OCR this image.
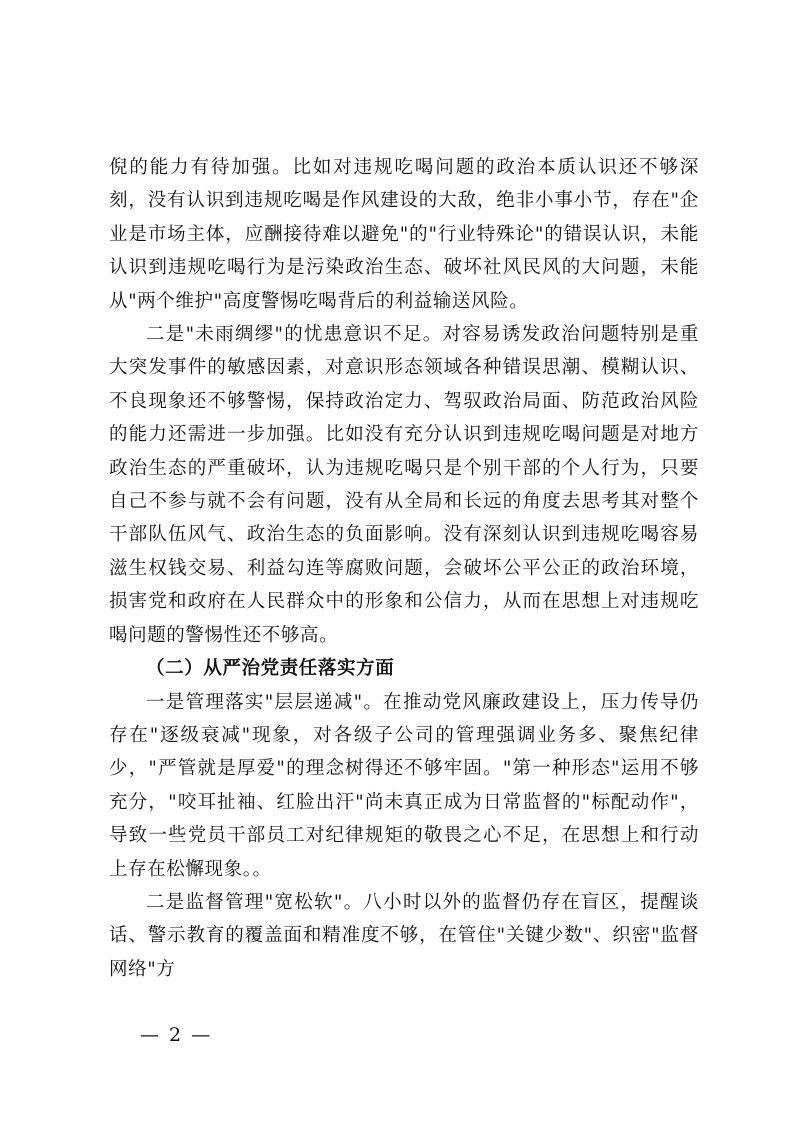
倪的能力有待加强。比如对违规吃喝问题的政治本质认识还不够深刻，没有认识到违规吃喝是作风建设的大敌，绝非小事小节，存在"企业是市场主体，应酬接待难以避免"的"行业特殊论"的错误认识，未能认识到违规吃喝行为是污染政治生态、破坏社风民风的大问题，未能从"两个维护"高度警惕吃喝背后的利益输送风险。

二是"未雨绸缪"的忧患意识不足。对容易诱发政治问题特别是重大突发事件的敏感因素，对意识形态领域各种错误思潮、模糊认识、不良现象还不够警惕，保持政治定力、驾驭政治局面、防范政治风险的能力还需进一步加强。比如没有充分认识到违规吃喝问题是对地方政治生态的严重破坏，认为违规吃喝只是个别干部的个人行为，只要自己不参与就不会有问题，没有从全局和长远的角度去思考其对整个干部队伍风气、政治生态的负面影响。没有深刻认识到违规吃喝容易滋生权钱交易、利益勾连等腐败问题，会破坏公平公正的政治环境，损害党和政府在人民群众中的形象和公信力，从而在思想上对违规吃喝问题的警惕性还不够高。

（二）从严治党责任落实方面

一是管理落实"层层递减"。在推动党风廉政建设上，压力传导仍存在"逐级衰减"现象，对各级子公司的管理强调业务多、聚焦纪律少，"严管就是厚爱"的理念树得还不够牢固。"第一种形态"运用不够充分，"咬耳扯袖、红脸出汗"尚未真正成为日常监督的"标配动作"，导致一些党员干部员工对纪律规矩的敬畏之心不足，在思想上和行动上存在松懈现象。。

二是监督管理"宽松软"。八小时以外的监督仍存在盲区，提醒谈话、警示教育的覆盖面和精准度不够，在管住"关键少数"、织密"监督网络"方

— 2 —
